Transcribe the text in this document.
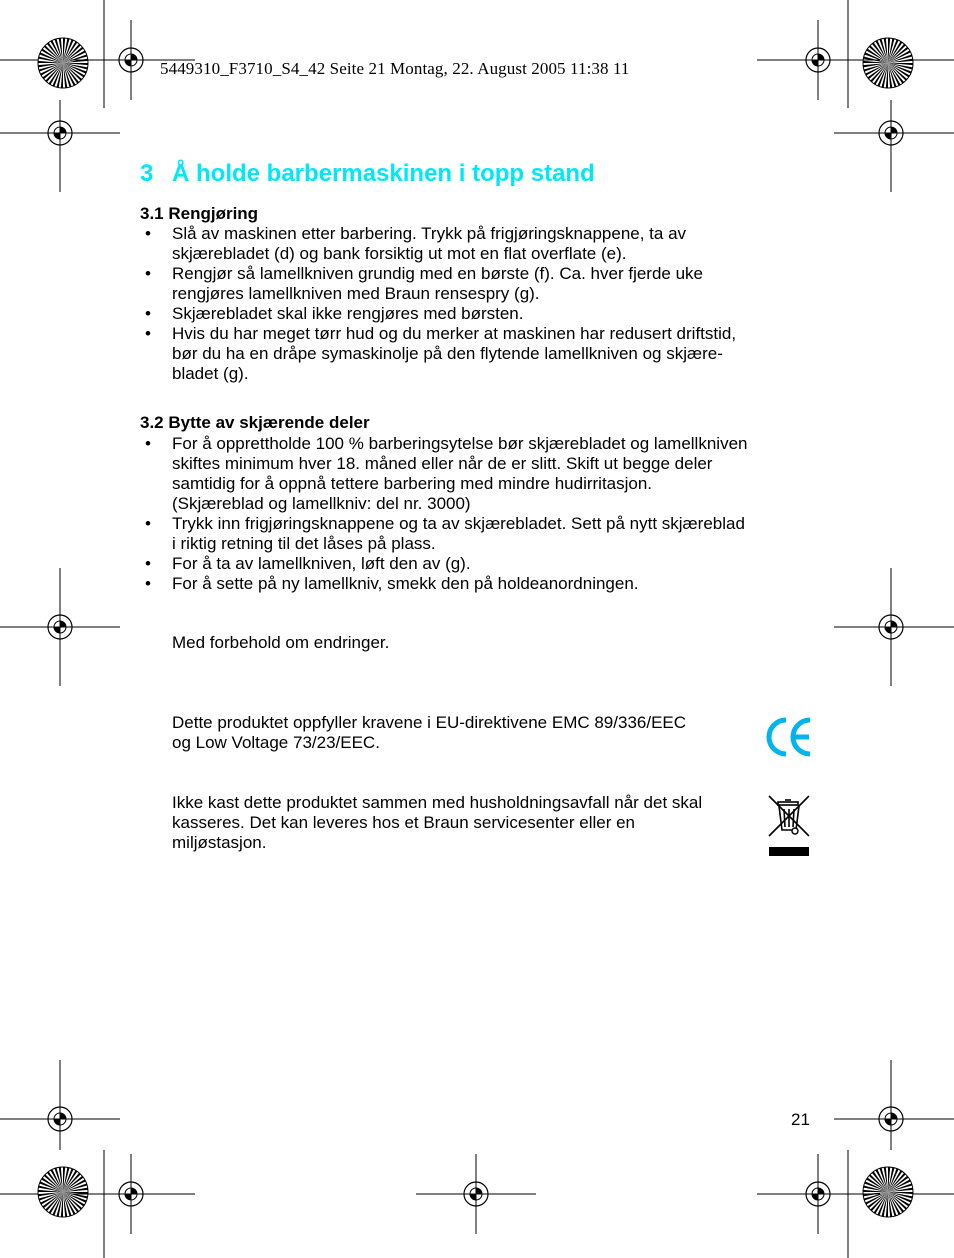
5449310_F3710_S4_42 Seite 21 Montag, 22. August 2005 11:38 11
3 Å holde barbermaskinen i topp stand
3.1 Rengjøring
• Slå av maskinen etter barbering. Trykk på frigjøringsknappene, ta av
skjærebladet (d) og bank forsiktig ut mot en flat overflate (e).
• Rengjør så lamellkniven grundig med en børste (f). Ca. hver fjerde uke
rengjøres lamellkniven med Braun rensespry (g).
• Skjærebladet skal ikke rengjøres med børsten.
• Hvis du har meget tørr hud og du merker at maskinen har redusert driftstid,
bør du ha en dråpe symaskinolje på den flytende lamellkniven og skjære-
bladet (g).
3.2 Bytte av skjærende deler
• For å opprettholde 100 % barberingsytelse bør skjærebladet og lamellkniven
skiftes minimum hver 18. måned eller når de er slitt. Skift ut begge deler
samtidig for å oppnå tettere barbering med mindre hudirritasjon.
(Skjæreblad og lamellkniv: del nr. 3000)
• Trykk inn frigjøringsknappene og ta av skjærebladet. Sett på nytt skjæreblad
i riktig retning til det låses på plass.
• For å ta av lamellkniven, løft den av (g).
• For å sette på ny lamellkniv, smekk den på holdeanordningen.
Med forbehold om endringer.
Dette produktet oppfyller kravene i EU-direktivene EMC 89/336/EEC
og Low Voltage 73/23/EEC.
Ikke kast dette produktet sammen med husholdningsavfall når det skal
kasseres. Det kan leveres hos et Braun servicesenter eller en
miljøstasjon.
21
